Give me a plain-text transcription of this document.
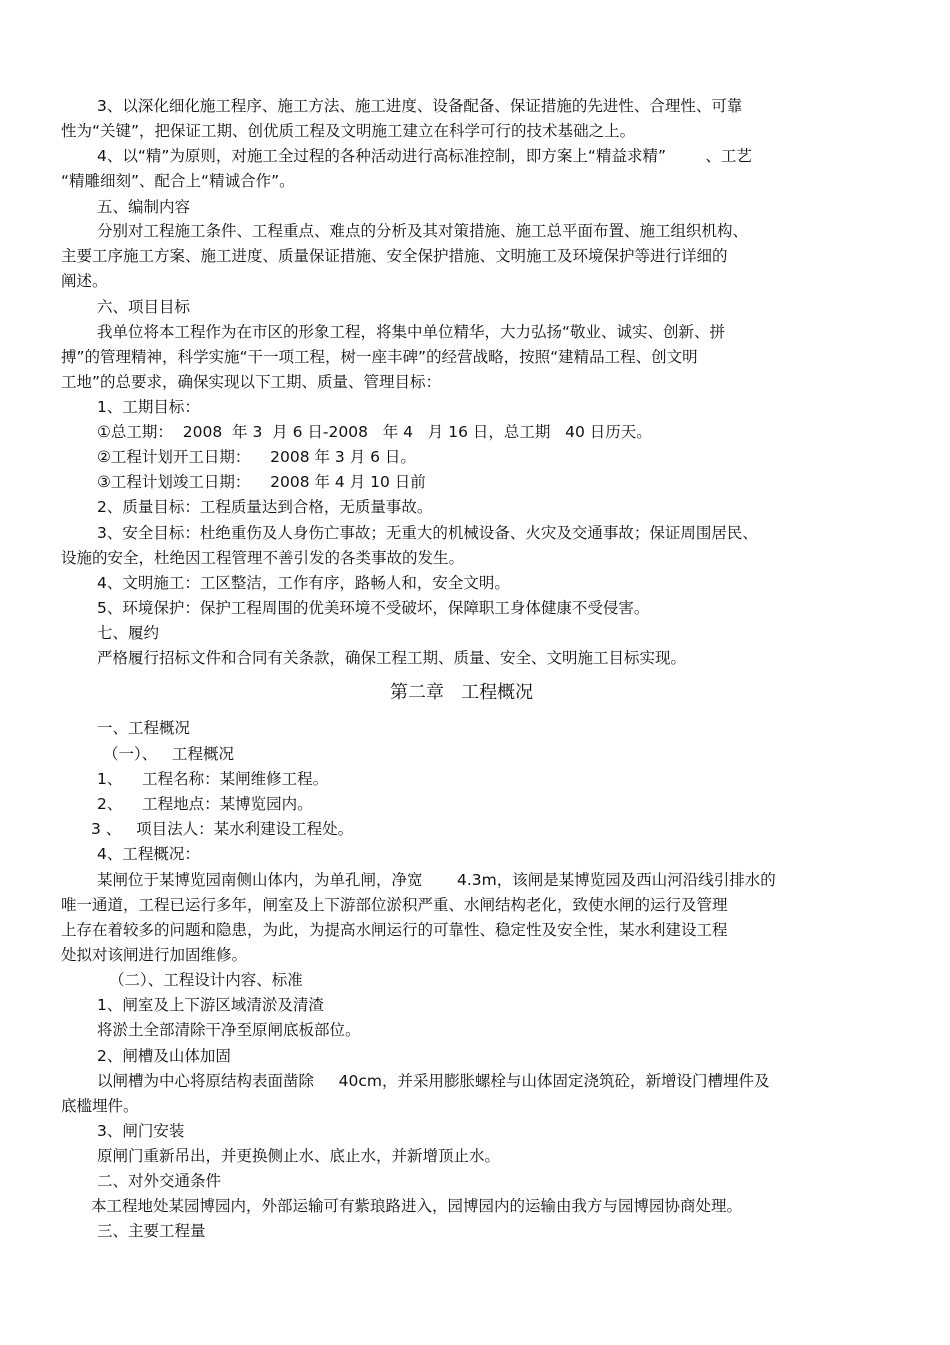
3、以深化细化施工程序、施工方法、施工进度、设备配备、保证措施的先进性、合理性、可靠
性为“关键”，把保证工期、创优质工程及文明施工建立在科学可行的技术基础之上。
4、以“精”为原则，对施工全过程的各种活动进行高标准控制，即方案上“精益求精”        、工艺
“精雕细刻”、配合上“精诚合作”。
五、编制内容
分别对工程施工条件、工程重点、难点的分析及其对策措施、施工总平面布置、施工组织机构、
主要工序施工方案、施工进度、质量保证措施、安全保护措施、文明施工及环境保护等进行详细的
阐述。
六、项目目标
我单位将本工程作为在市区的形象工程，将集中单位精华，大力弘扬“敬业、诚实、创新、拼
搏”的管理精神，科学实施“干一项工程，树一座丰碑”的经营战略，按照“建精品工程、创文明
工地”的总要求，确保实现以下工期、质量、管理目标：
1、工期目标：
①总工期：  2008  年 3  月 6 日-2008   年 4   月 16 日，总工期   40 日历天。
②工程计划开工日期：    2008 年 3 月 6 日。
③工程计划竣工日期：    2008 年 4 月 10 日前
2、质量目标：工程质量达到合格，无质量事故。
3、安全目标：杜绝重伤及人身伤亡事故；无重大的机械设备、火灾及交通事故；保证周围居民、
设施的安全，杜绝因工程管理不善引发的各类事故的发生。
4、文明施工：工区整洁，工作有序，路畅人和，安全文明。
5、环境保护：保护工程周围的优美环境不受破坏，保障职工身体健康不受侵害。
七、履约
严格履行招标文件和合同有关条款，确保工程工期、质量、安全、文明施工目标实现。
第二章   工程概况
一、工程概况
（一）、   工程概况
1、    工程名称：某闸维修工程。
2、    工程地点：某博览园内。
3 、   项目法人：某水利建设工程处。
4、工程概况：
某闸位于某博览园南侧山体内，为单孔闸，净宽       4.3m，该闸是某博览园及西山河沿线引排水的
唯一通道，工程已运行多年，闸室及上下游部位淤积严重、水闸结构老化，致使水闸的运行及管理
上存在着较多的问题和隐患，为此，为提高水闸运行的可靠性、稳定性及安全性，某水利建设工程
处拟对该闸进行加固维修。
（二）、工程设计内容、标准
1、闸室及上下游区域清淤及清渣
将淤土全部清除干净至原闸底板部位。
2、闸槽及山体加固
以闸槽为中心将原结构表面凿除     40cm，并采用膨胀螺栓与山体固定浇筑砼，新增设门槽埋件及
底槛埋件。
3、闸门安装
原闸门重新吊出，并更换侧止水、底止水，并新增顶止水。
二、对外交通条件
本工程地处某园博园内，外部运输可有紫琅路进入，园博园内的运输由我方与园博园协商处理。
三、主要工程量
